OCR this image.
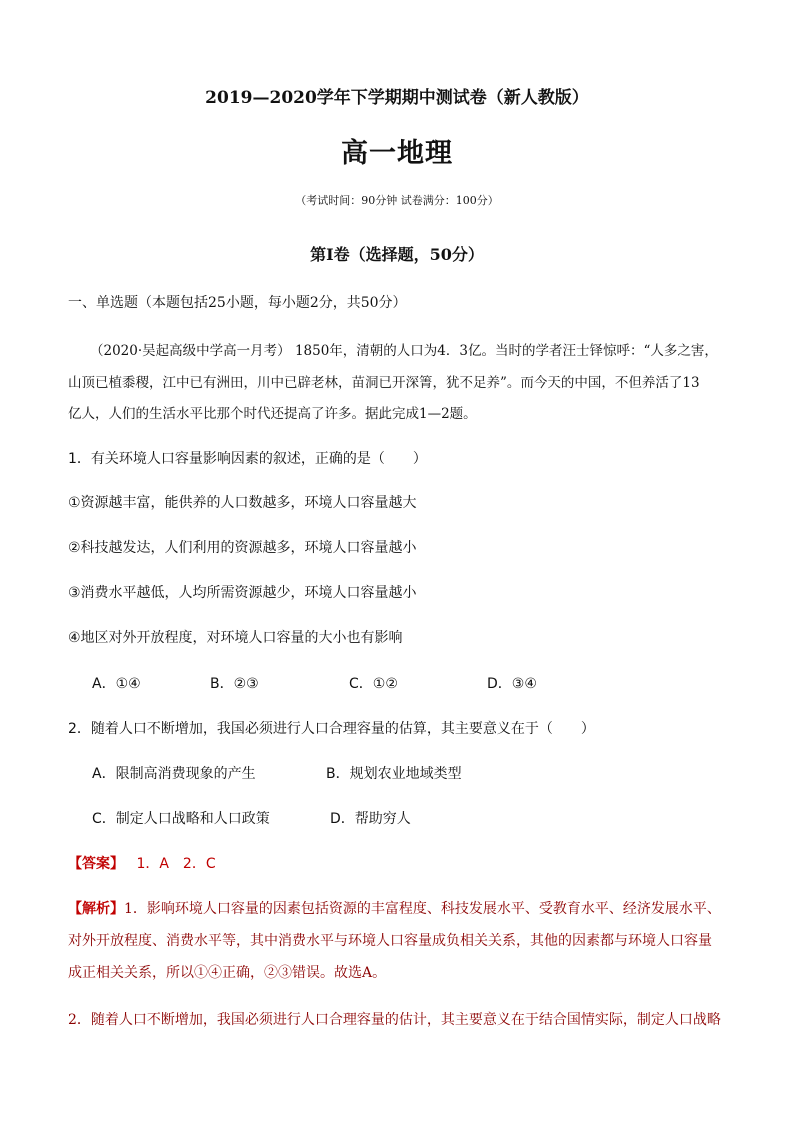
2019—2020学年下学期期中测试卷（新人教版）
高一地理
（考试时间：90分钟 试卷满分：100分）
第Ⅰ卷（选择题，50分）
一、单选题（本题包括25小题，每小题2分，共50分）
（2020·吴起高级中学高一月考） 1850年，清朝的人口为4．3亿。当时的学者汪士铎惊呼：“人多之害，
山顶已植黍稷，江中已有洲田，川中已辟老林，苗洞已开深箐，犹不足养”。而今天的中国，不但养活了13
亿人，人们的生活水平比那个时代还提高了许多。据此完成1—2题。
1．有关环境人口容量影响因素的叙述，正确的是（　　）
①资源越丰富，能供养的人口数越多，环境人口容量越大
②科技越发达，人们利用的资源越多，环境人口容量越小
③消费水平越低，人均所需资源越少，环境人口容量越小
④地区对外开放程度，对环境人口容量的大小也有影响
A．①④	B．②③	C．①②	D．③④
2．随着人口不断增加，我国必须进行人口合理容量的估算，其主要意义在于（　　）
A．限制高消费现象的产生	B．规划农业地域类型
C．制定人口战略和人口政策	D．帮助穷人
【答案】 1．A　2．C
【解析】1．影响环境人口容量的因素包括资源的丰富程度、科技发展水平、受教育水平、经济发展水平、
对外开放程度、消费水平等，其中消费水平与环境人口容量成负相关关系，其他的因素都与环境人口容量
成正相关关系，所以①④正确，②③错误。故选A。
2．随着人口不断增加，我国必须进行人口合理容量的估计，其主要意义在于结合国情实际，制定人口战略
